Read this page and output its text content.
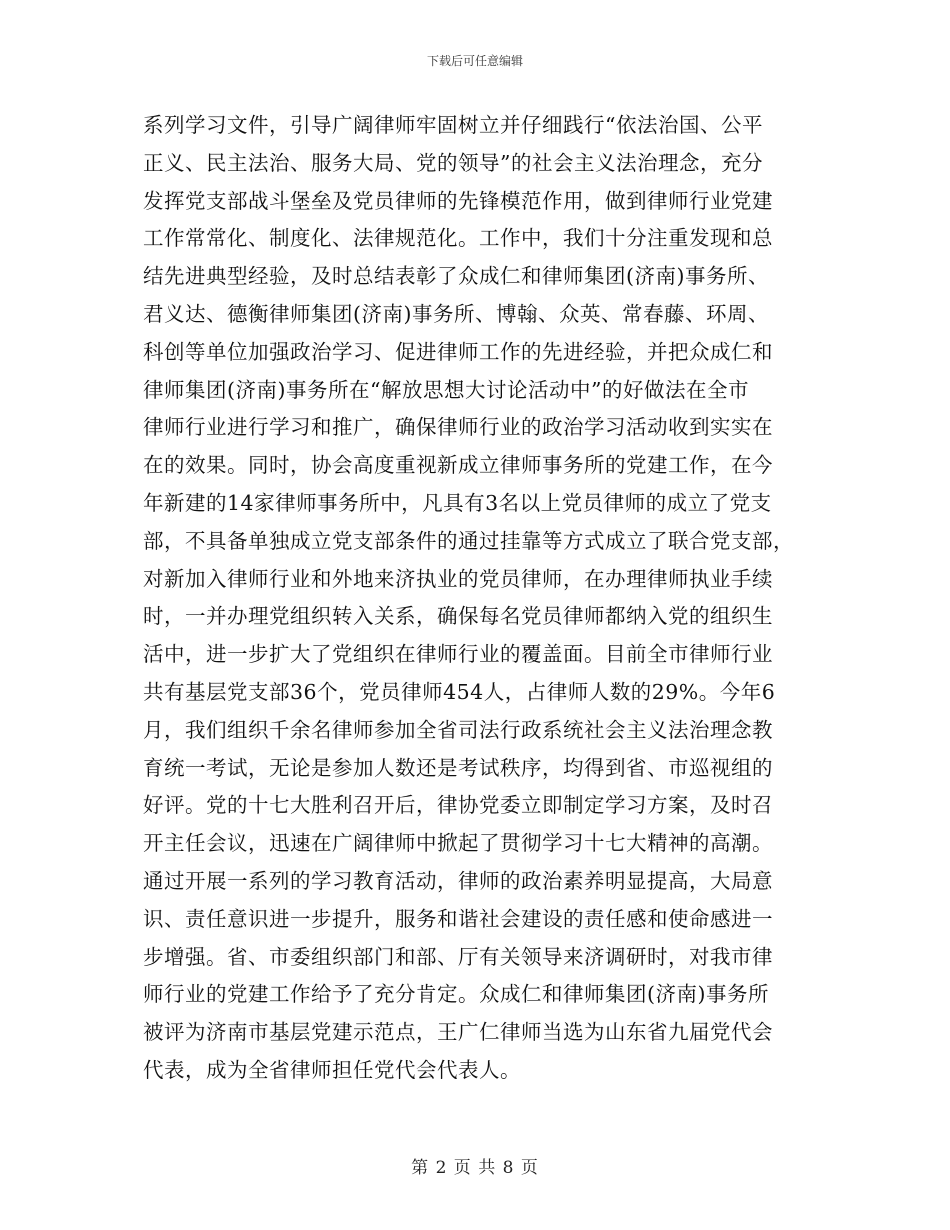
下载后可任意编辑
系列学习文件，引导广阔律师牢固树立并仔细践行“依法治国、公平
正义、民主法治、服务大局、党的领导”的社会主义法治理念，充分
发挥党支部战斗堡垒及党员律师的先锋模范作用，做到律师行业党建
工作常常化、制度化、法律规范化。工作中，我们十分注重发现和总
结先进典型经验，及时总结表彰了众成仁和律师集团(济南)事务所、
君义达、德衡律师集团(济南)事务所、博翰、众英、常春藤、环周、
科创等单位加强政治学习、促进律师工作的先进经验，并把众成仁和
律师集团(济南)事务所在“解放思想大讨论活动中”的好做法在全市
律师行业进行学习和推广，确保律师行业的政治学习活动收到实实在
在的效果。同时，协会高度重视新成立律师事务所的党建工作，在今
年新建的14家律师事务所中，凡具有3名以上党员律师的成立了党支
部，不具备单独成立党支部条件的通过挂靠等方式成立了联合党支部，
对新加入律师行业和外地来济执业的党员律师，在办理律师执业手续
时，一并办理党组织转入关系，确保每名党员律师都纳入党的组织生
活中，进一步扩大了党组织在律师行业的覆盖面。目前全市律师行业
共有基层党支部36个，党员律师454人，占律师人数的29%。今年6
月，我们组织千余名律师参加全省司法行政系统社会主义法治理念教
育统一考试，无论是参加人数还是考试秩序，均得到省、市巡视组的
好评。党的十七大胜利召开后，律协党委立即制定学习方案，及时召
开主任会议，迅速在广阔律师中掀起了贯彻学习十七大精神的高潮。
通过开展一系列的学习教育活动，律师的政治素养明显提高，大局意
识、责任意识进一步提升，服务和谐社会建设的责任感和使命感进一
步增强。省、市委组织部门和部、厅有关领导来济调研时，对我市律
师行业的党建工作给予了充分肯定。众成仁和律师集团(济南)事务所
被评为济南市基层党建示范点，王广仁律师当选为山东省九届党代会
代表，成为全省律师担任党代会代表人。
第 2 页 共 8 页
